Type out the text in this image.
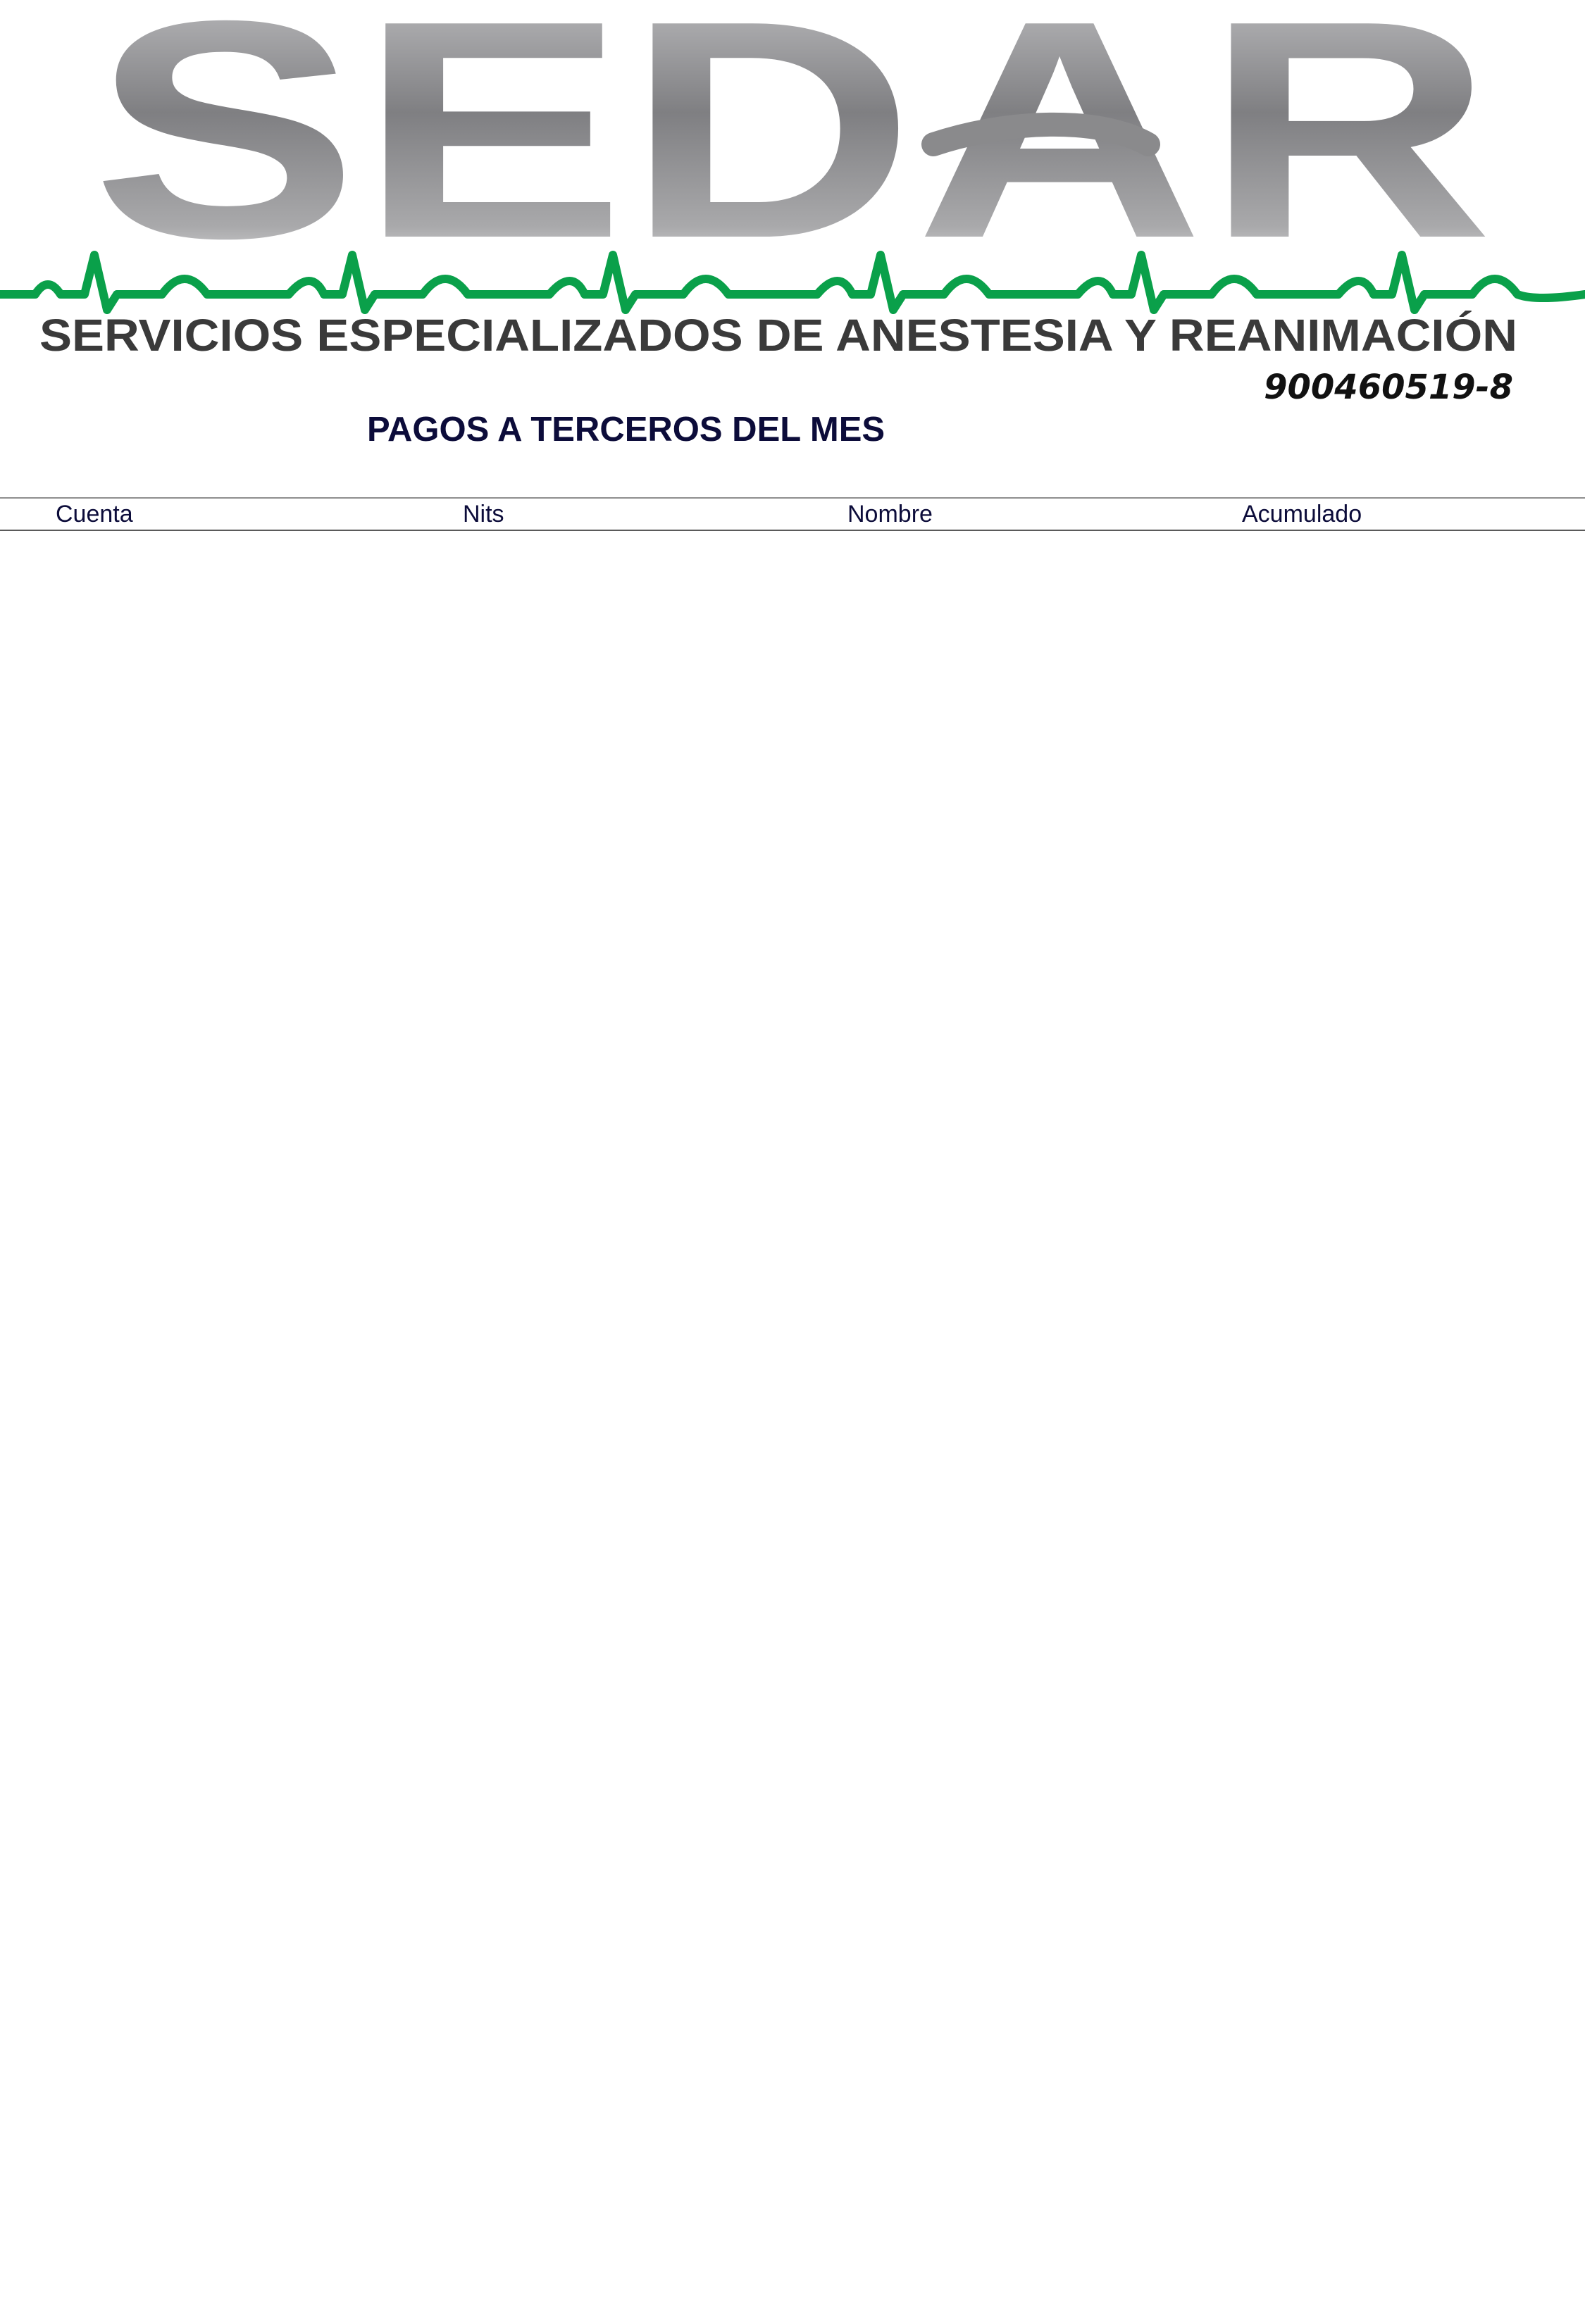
SEDAR
SERVICIOS ESPECIALIZADOS DE ANESTESIA Y REANIMACIÓN
900460519-8
PAGOS A TERCEROS DEL MES
Cuenta	Nits	Nombre	Acumulado
